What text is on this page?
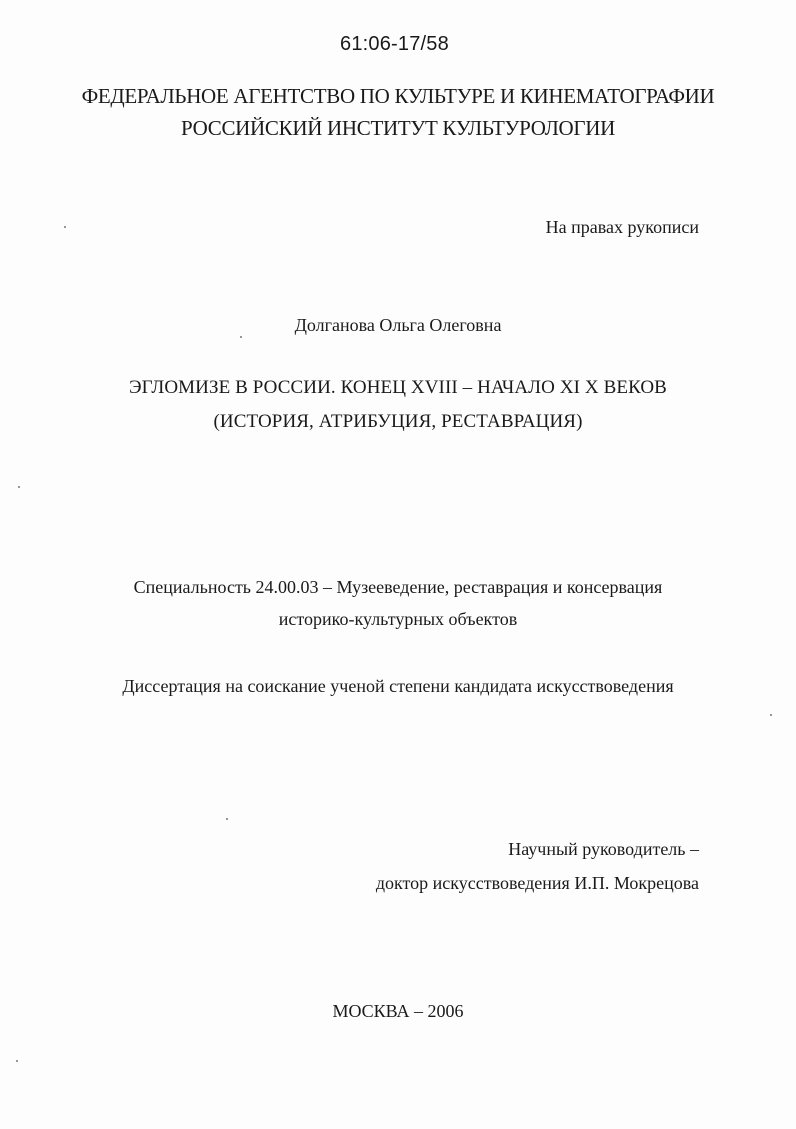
61:06-17/58
ФЕДЕРАЛЬНОЕ АГЕНТСТВО ПО КУЛЬТУРЕ И КИНЕМАТОГРАФИИ
РОССИЙСКИЙ ИНСТИТУТ КУЛЬТУРОЛОГИИ
На правах рукописи
Долганова Ольга Олеговна
ЭГЛОМИЗЕ В РОССИИ. КОНЕЦ XVIII – НАЧАЛО XI X ВЕКОВ
(ИСТОРИЯ, АТРИБУЦИЯ, РЕСТАВРАЦИЯ)
Специальность 24.00.03 – Музееведение, реставрация и консервация
историко-культурных объектов
Диссертация на соискание ученой степени кандидата искусствоведения
Научный руководитель –
доктор искусствоведения И.П. Мокрецова
МОСКВА – 2006
